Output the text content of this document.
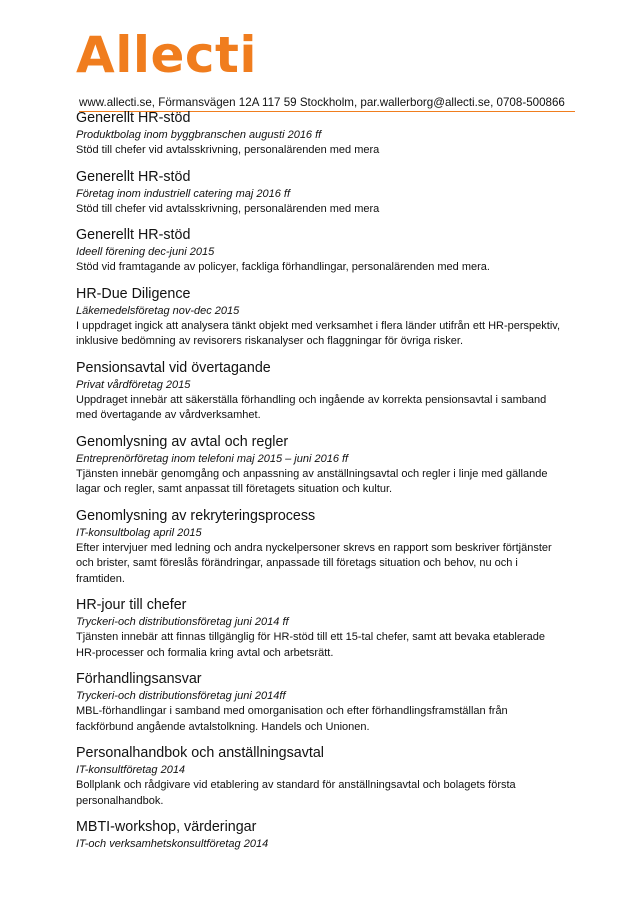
Allecti
www.allecti.se, Förmansvägen 12A 117 59 Stockholm, par.wallerborg@allecti.se, 0708-500866
Generellt HR-stöd

Produktbolag inom byggbranschen augusti 2016 ff

Stöd till chefer vid avtalsskrivning, personalärenden med mera

Generellt HR-stöd

Företag inom industriell catering maj 2016 ff

Stöd till chefer vid avtalsskrivning, personalärenden med mera

Generellt HR-stöd

Ideell förening dec-juni 2015

Stöd vid framtagande av policyer, fackliga förhandlingar, personalärenden med mera.

HR-Due Diligence

Läkemedelsföretag nov-dec 2015

I uppdraget ingick att analysera tänkt objekt med verksamhet i flera länder utifrån ett HR-perspektiv, inklusive bedömning av revisorers riskanalyser och flaggningar för övriga risker.

Pensionsavtal vid övertagande

Privat vårdföretag 2015

Uppdraget innebär att säkerställa förhandling och ingående av korrekta pensionsavtal i samband med övertagande av vårdverksamhet.

Genomlysning av avtal och regler

Entreprenörföretag inom telefoni maj 2015 – juni 2016 ff

Tjänsten innebär genomgång och anpassning av anställningsavtal och regler i linje med gällande lagar och regler, samt anpassat till företagets situation och kultur.

Genomlysning av rekryteringsprocess

IT-konsultbolag april 2015

Efter intervjuer med ledning och andra nyckelpersoner skrevs en rapport som beskriver förtjänster och brister, samt föreslås förändringar, anpassade till företags situation och behov, nu och i framtiden.

HR-jour till chefer

Tryckeri-och distributionsföretag juni 2014 ff

Tjänsten innebär att finnas tillgänglig för HR-stöd till ett 15-tal chefer, samt att bevaka etablerade HR-processer och formalia kring avtal och arbetsrätt.

Förhandlingsansvar

Tryckeri-och distributionsföretag juni 2014ff

MBL-förhandlingar i samband med omorganisation och efter förhandlingsframställan från fackförbund angående avtalstolkning. Handels och Unionen.

Personalhandbok och anställningsavtal

IT-konsultföretag 2014

Bollplank och rådgivare vid etablering av standard för anställningsavtal och bolagets första personalhandbok.

MBTI-workshop, värderingar

IT-och verksamhetskonsultföretag 2014
